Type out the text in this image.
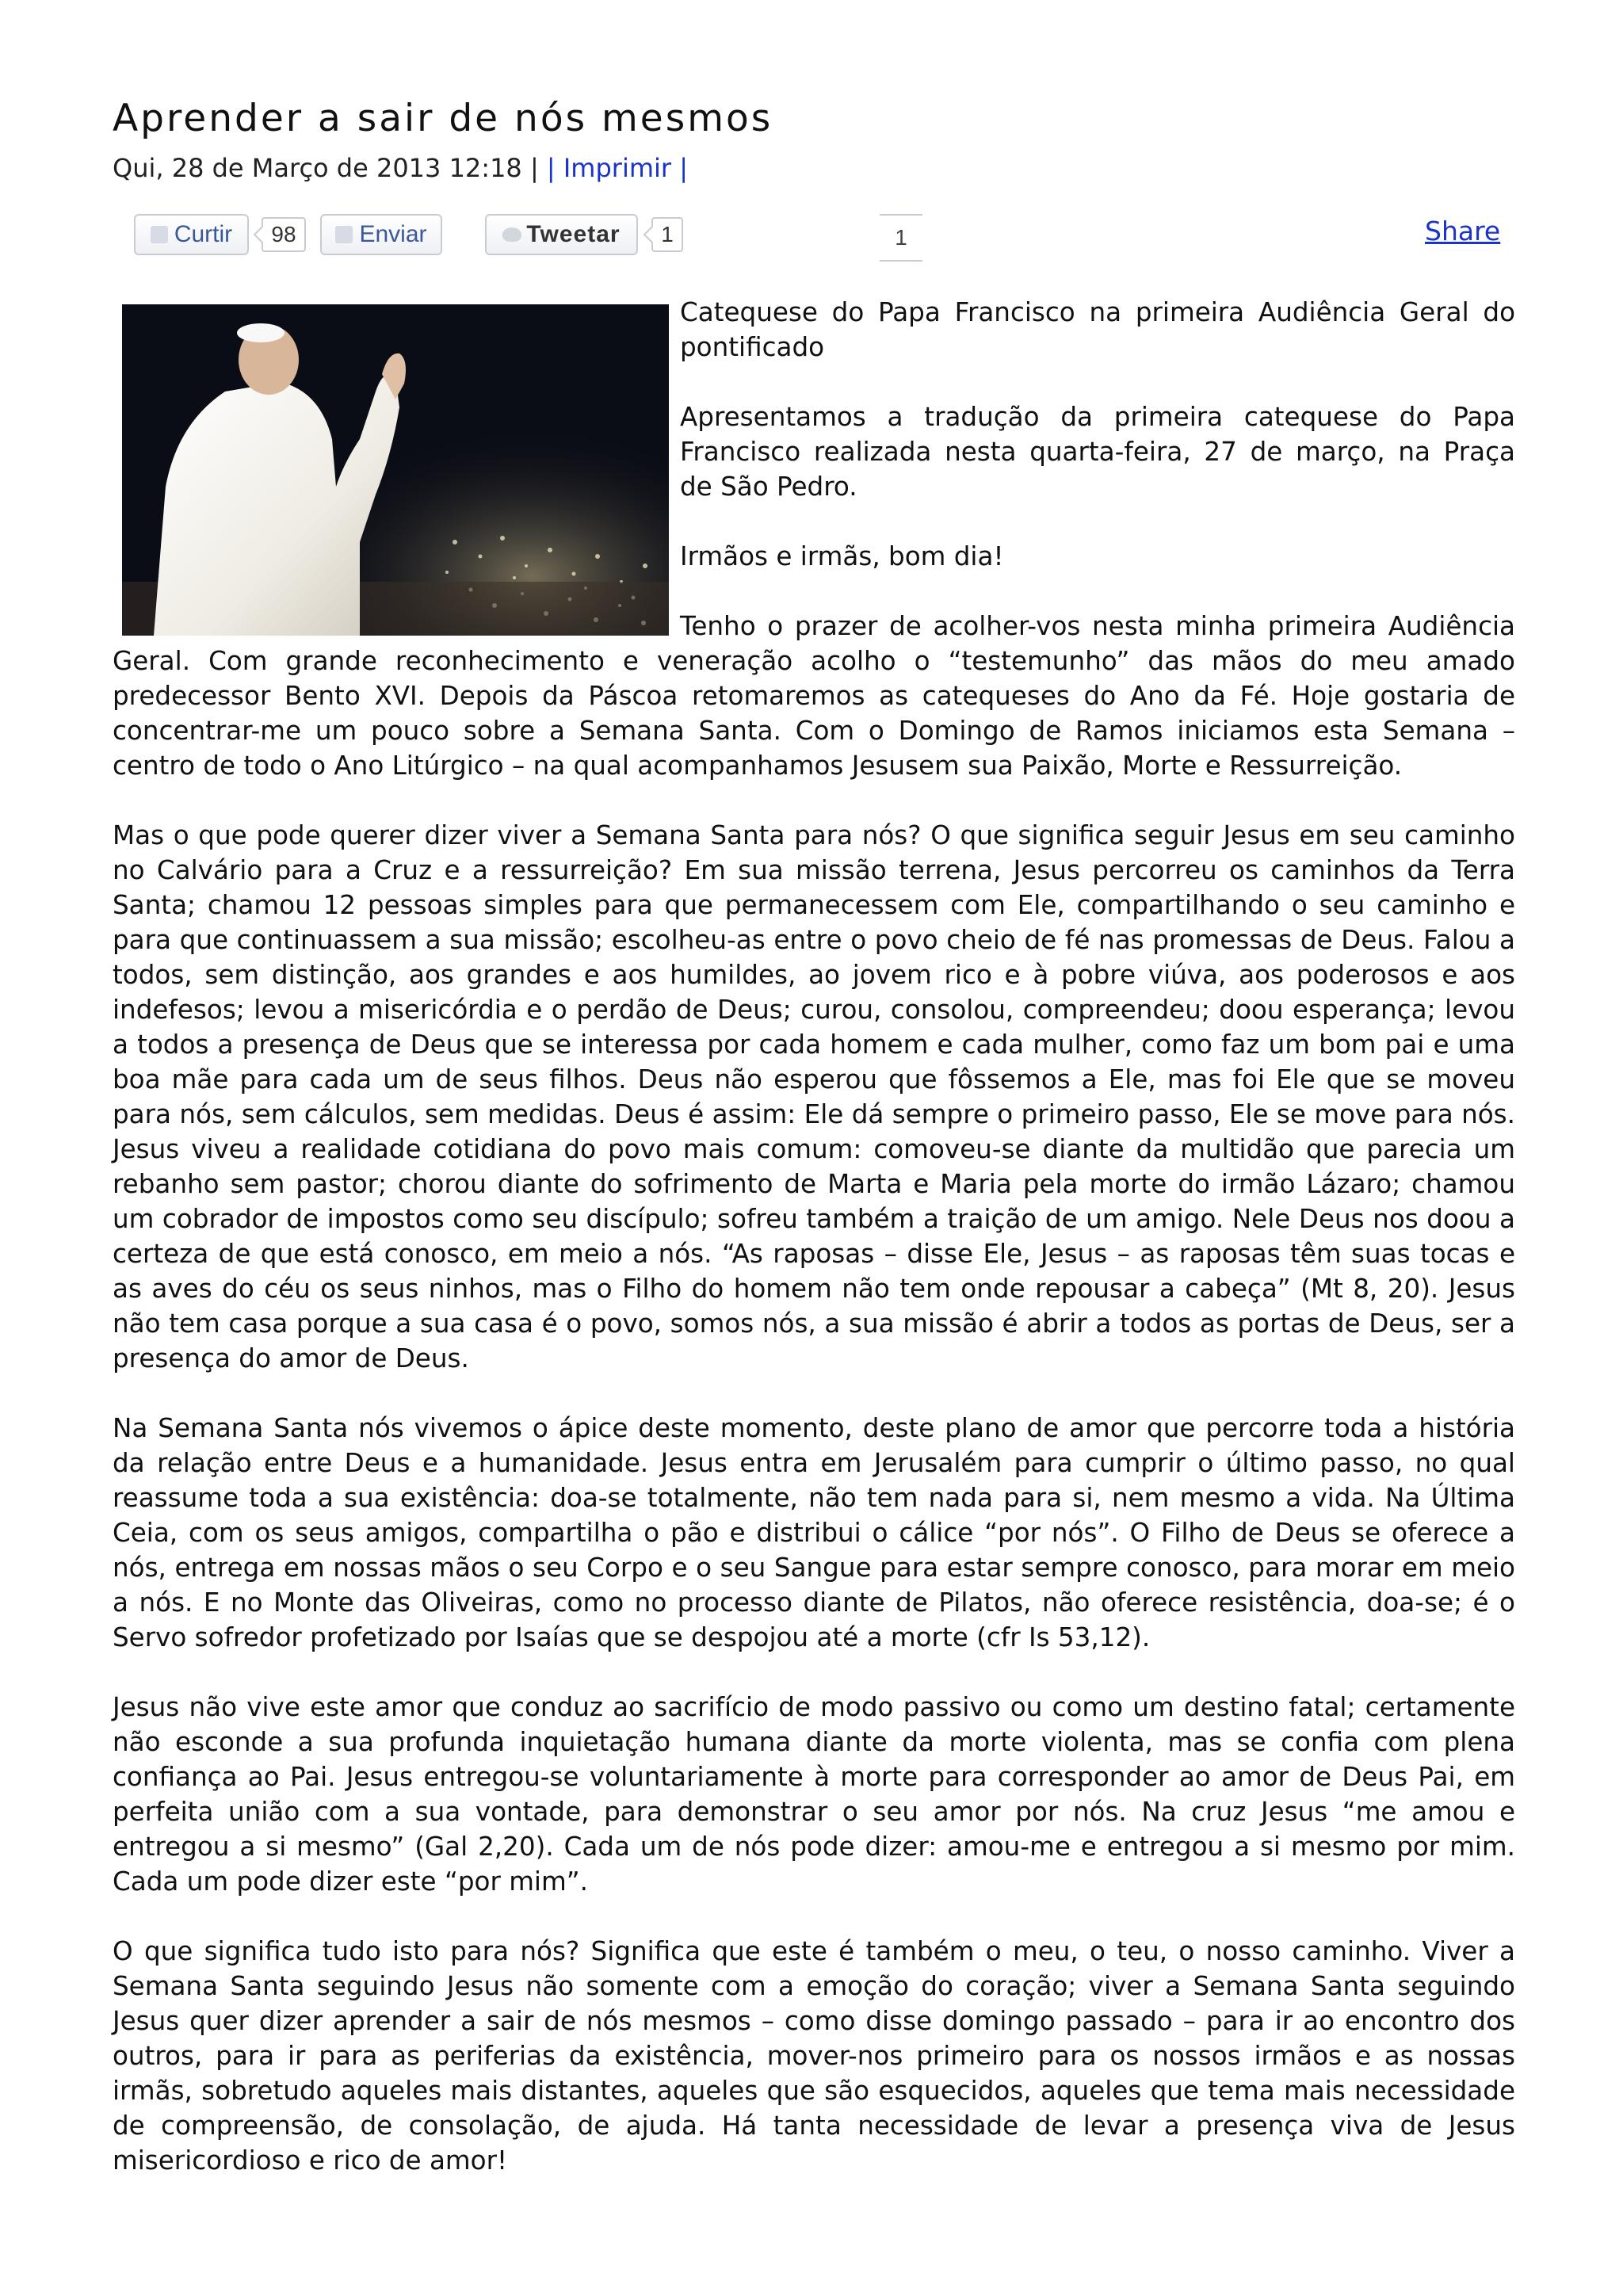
Aprender a sair de nós mesmos
Qui, 28 de Março de 2013 12:18 | | Imprimir |
Curtir	98	Enviar	Tweetar	1	1	Share

Catequese do Papa Francisco na primeira Audiência Geral do pontificado

Apresentamos a tradução da primeira catequese do Papa Francisco realizada nesta quarta-feira, 27 de março, na Praça de São Pedro.

Irmãos e irmãs, bom dia!

Tenho o prazer de acolher-vos nesta minha primeira Audiência Geral. Com grande reconhecimento e veneração acolho o “testemunho” das mãos do meu amado predecessor Bento XVI. Depois da Páscoa retomaremos as catequeses do Ano da Fé. Hoje gostaria de concentrar-me um pouco sobre a Semana Santa. Com o Domingo de Ramos iniciamos esta Semana – centro de todo o Ano Litúrgico – na qual acompanhamos Jesusem sua Paixão, Morte e Ressurreição.

Mas o que pode querer dizer viver a Semana Santa para nós? O que significa seguir Jesus em seu caminho no Calvário para a Cruz e a ressurreição? Em sua missão terrena, Jesus percorreu os caminhos da Terra Santa; chamou 12 pessoas simples para que permanecessem com Ele, compartilhando o seu caminho e para que continuassem a sua missão; escolheu-as entre o povo cheio de fé nas promessas de Deus. Falou a todos, sem distinção, aos grandes e aos humildes, ao jovem rico e à pobre viúva, aos poderosos e aos indefesos; levou a misericórdia e o perdão de Deus; curou, consolou, compreendeu; doou esperança; levou a todos a presença de Deus que se interessa por cada homem e cada mulher, como faz um bom pai e uma boa mãe para cada um de seus filhos. Deus não esperou que fôssemos a Ele, mas foi Ele que se moveu para nós, sem cálculos, sem medidas. Deus é assim: Ele dá sempre o primeiro passo, Ele se move para nós. Jesus viveu a realidade cotidiana do povo mais comum: comoveu-se diante da multidão que parecia um rebanho sem pastor; chorou diante do sofrimento de Marta e Maria pela morte do irmão Lázaro; chamou um cobrador de impostos como seu discípulo; sofreu também a traição de um amigo. Nele Deus nos doou a certeza de que está conosco, em meio a nós. “As raposas – disse Ele, Jesus – as raposas têm suas tocas e as aves do céu os seus ninhos, mas o Filho do homem não tem onde repousar a cabeça” (Mt 8, 20). Jesus não tem casa porque a sua casa é o povo, somos nós, a sua missão é abrir a todos as portas de Deus, ser a presença do amor de Deus.

Na Semana Santa nós vivemos o ápice deste momento, deste plano de amor que percorre toda a história da relação entre Deus e a humanidade. Jesus entra em Jerusalém para cumprir o último passo, no qual reassume toda a sua existência: doa-se totalmente, não tem nada para si, nem mesmo a vida. Na Última Ceia, com os seus amigos, compartilha o pão e distribui o cálice “por nós”. O Filho de Deus se oferece a nós, entrega em nossas mãos o seu Corpo e o seu Sangue para estar sempre conosco, para morar em meio a nós. E no Monte das Oliveiras, como no processo diante de Pilatos, não oferece resistência, doa-se; é o Servo sofredor profetizado por Isaías que se despojou até a morte (cfr Is 53,12).

Jesus não vive este amor que conduz ao sacrifício de modo passivo ou como um destino fatal; certamente não esconde a sua profunda inquietação humana diante da morte violenta, mas se confia com plena confiança ao Pai. Jesus entregou-se voluntariamente à morte para corresponder ao amor de Deus Pai, em perfeita união com a sua vontade, para demonstrar o seu amor por nós. Na cruz Jesus “me amou e entregou a si mesmo” (Gal 2,20). Cada um de nós pode dizer: amou-me e entregou a si mesmo por mim. Cada um pode dizer este “por mim”.

O que significa tudo isto para nós? Significa que este é também o meu, o teu, o nosso caminho. Viver a Semana Santa seguindo Jesus não somente com a emoção do coração; viver a Semana Santa seguindo Jesus quer dizer aprender a sair de nós mesmos – como disse domingo passado – para ir ao encontro dos outros, para ir para as periferias da existência, mover-nos primeiro para os nossos irmãos e as nossas irmãs, sobretudo aqueles mais distantes, aqueles que são esquecidos, aqueles que tema mais necessidade de compreensão, de consolação, de ajuda. Há tanta necessidade de levar a presença viva de Jesus misericordioso e rico de amor!
